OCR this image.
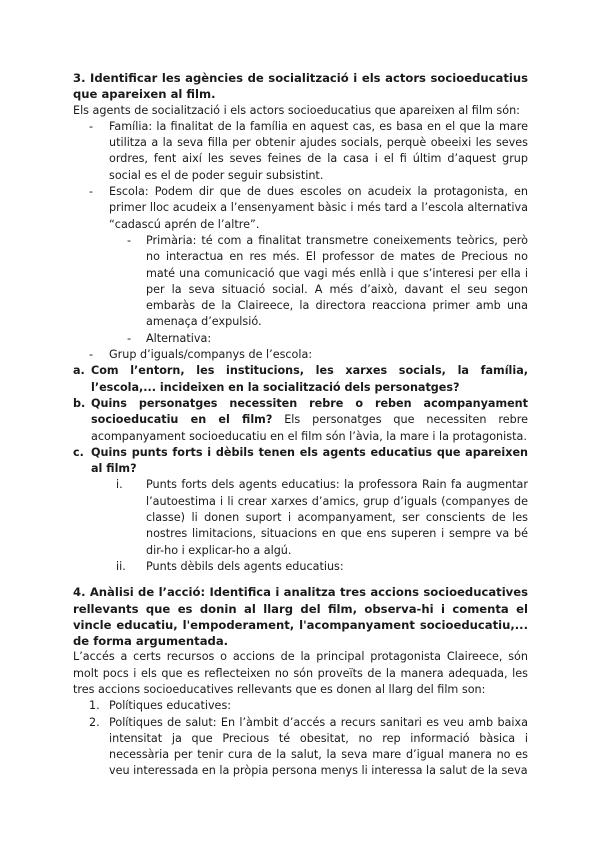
3. Identificar les agències de socialització i els actors socioeducatius que apareixen al film.

Els agents de socialització i els actors socioeducatius que apareixen al film són:

-	Família: la finalitat de la família en aquest cas, es basa en el que la mare utilitza a la seva filla per obtenir ajudes socials, perquè obeeixi les seves ordres, fent així les seves feines de la casa i el fi últim d’aquest grup social es el de poder seguir subsistint.
-	Escola: Podem dir que de dues escoles on acudeix la protagonista, en primer lloc acudeix a l’ensenyament bàsic i més tard a l’escola alternativa “cadascú aprén de l’altre”.
-	Primària: té com a finalitat transmetre coneixements teòrics, però no interactua en res més. El professor de mates de Precious no maté una comunicació que vagi més enllà i que s’interesi per ella i per la seva situació social. A més d’això, davant el seu segon embaràs de la Claireece, la directora reacciona primer amb una amenaça d’expulsió.
-	Alternativa:
-	Grup d’iguals/companys de l’escola:
a. Com l’entorn, les institucions, les xarxes socials, la família, l’escola,... incideixen en la socialització dels personatges?
b. Quins personatges necessiten rebre o reben acompanyament socioeducatiu en el film? Els personatges que necessiten rebre acompanyament socioeducatiu en el film són l’àvia, la mare i la protagonista.
c. Quins punts forts i dèbils tenen els agents educatius que apareixen al film?
i.	Punts forts dels agents educatius: la professora Rain fa augmentar l’autoestima i li crear xarxes d’amics, grup d’iguals (companyes de classe) li donen suport i acompanyament, ser conscients de les nostres limitacions, situacions en que ens superen i sempre va bé dir-ho i explicar-ho a algú.
ii.	Punts dèbils dels agents educatius:

4. Anàlisi de l’acció: Identifica i analitza tres accions socioeducatives rellevants que es donin al llarg del film, observa-hi i comenta el vincle educatiu, l'empoderament, l'acompanyament socioeducatiu,... de forma argumentada.

L’accés a certs recursos o accions de la principal protagonista Claireece, són molt pocs i els que es reflecteixen no són proveïts de la manera adequada, les tres accions socioeducatives rellevants que es donen al llarg del film son:

1. Polítiques educatives:
2. Polítiques de salut: En l’àmbit d’accés a recurs sanitari es veu amb baixa intensitat ja que Precious té obesitat, no rep informació bàsica i necessària per tenir cura de la salut, la seva mare d’igual manera no es veu interessada en la pròpia persona menys li interessa la salut de la seva
